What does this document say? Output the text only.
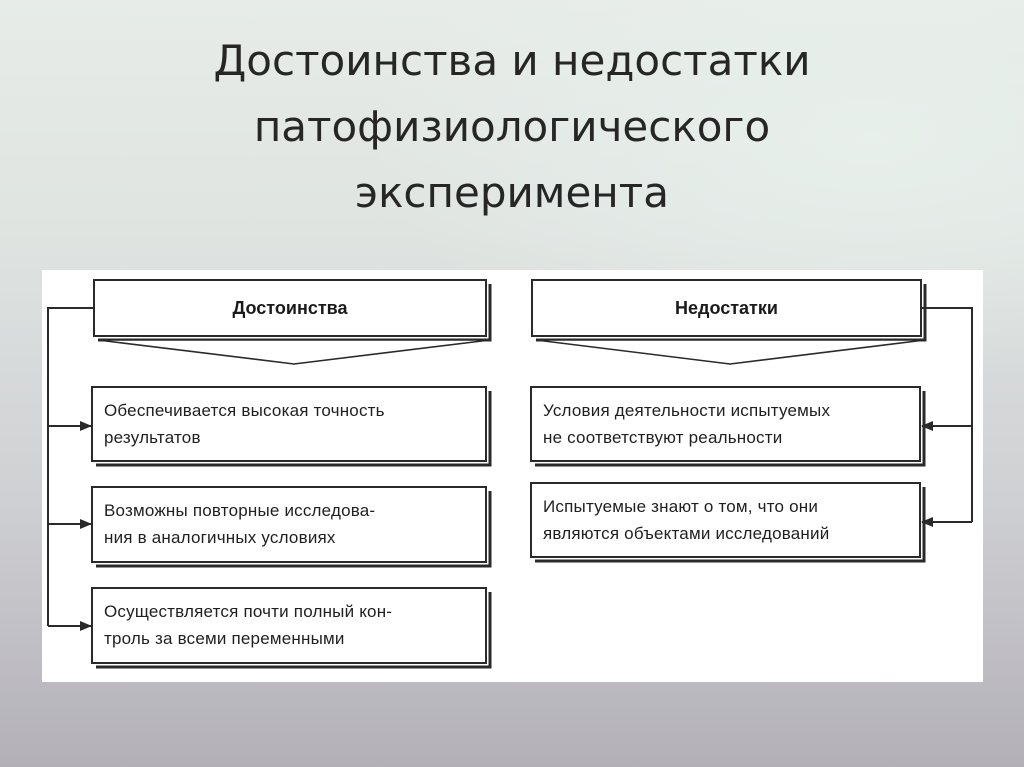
Достоинства и недостатки
патофизиологического
эксперимента
Достоинства	Недостатки
Обеспечивается высокая точность
результатов
Возможны повторные исследова-
ния в аналогичных условиях
Осуществляется почти полный кон-
троль за всеми переменными
Условия деятельности испытуемых
не соответствуют реальности
Испытуемые знают о том, что они
являются объектами исследований
